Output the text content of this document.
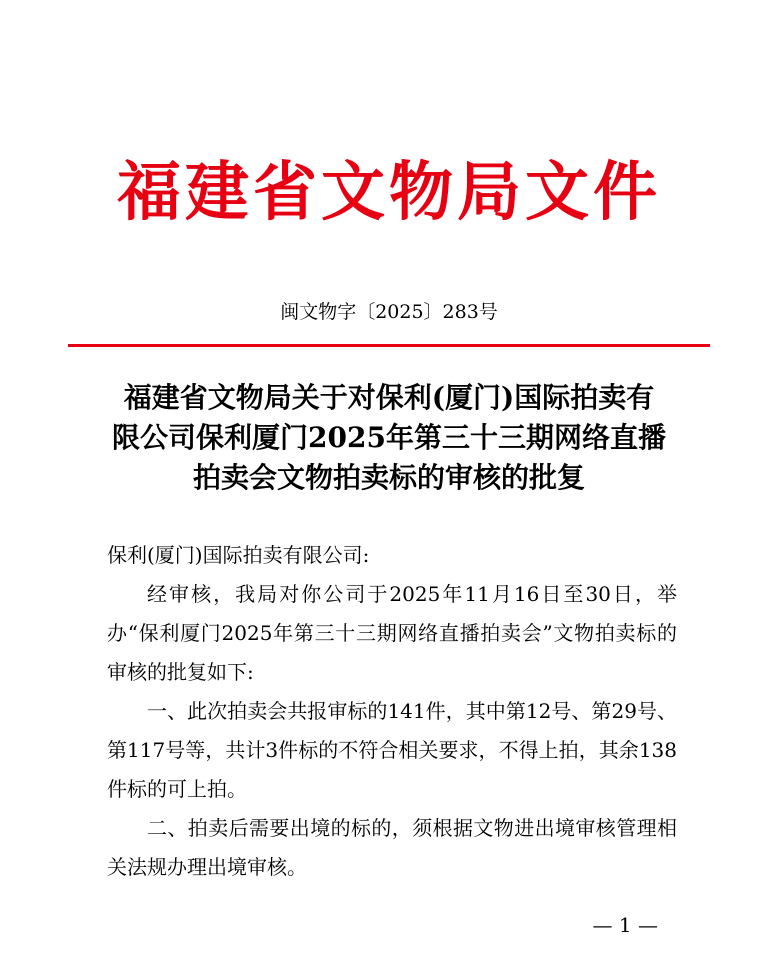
福建省文物局文件
闽文物字〔2025〕283号
福建省文物局关于对保利(厦门)国际拍卖有
限公司保利厦门2025年第三十三期网络直播
拍卖会文物拍卖标的审核的批复

保利(厦门)国际拍卖有限公司:

经审核，我局对你公司于2025年11月16日至30日，举办“保利厦门2025年第三十三期网络直播拍卖会”文物拍卖标的审核的批复如下:

一、此次拍卖会共报审标的141件，其中第12号、第29号、第117号等，共计3件标的不符合相关要求，不得上拍，其余138件标的可上拍。

二、拍卖后需要出境的标的，须根据文物进出境审核管理相关法规办理出境审核。

— 1 —
